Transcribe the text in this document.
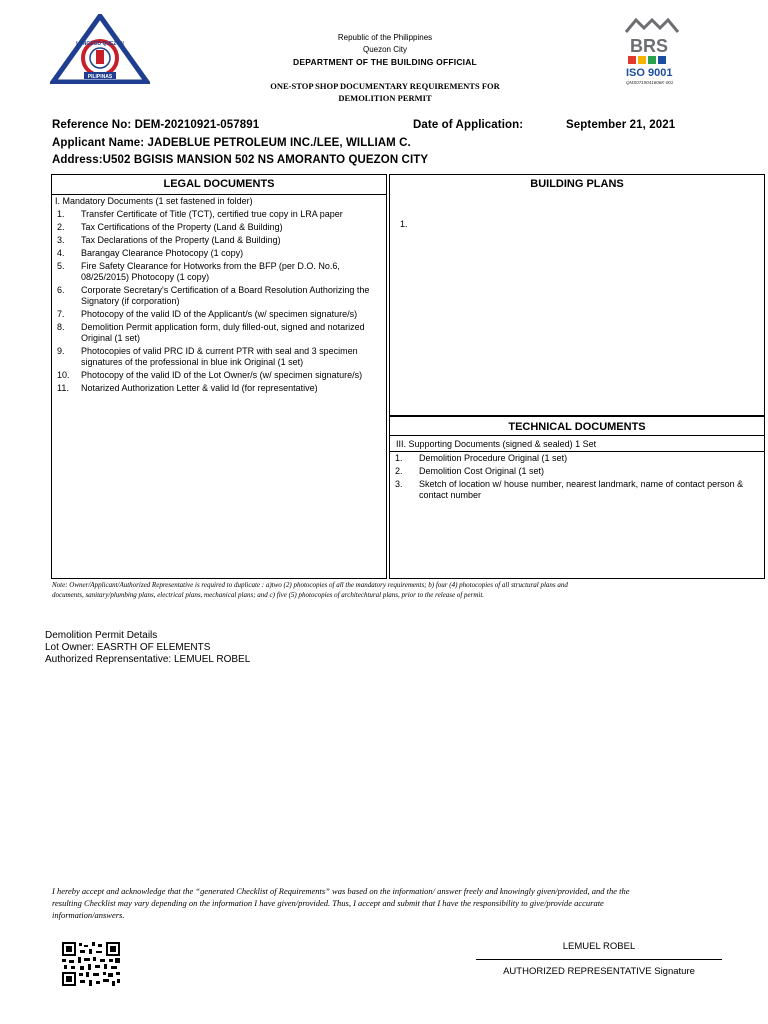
PILIPINAS
LUNGSOD QUEZON
Republic of the Philippines
Quezon City
DEPARTMENT OF THE BUILDING OFFICIAL
ONE-STOP SHOP DOCUMENTARY REQUIREMENTS FOR
DEMOLITION PERMIT
BRS
ISO 9001
QMS0719041606K-001
Reference No: DEM-20210921-057891	Date of Application:	September 21, 2021
Applicant Name: JADEBLUE PETROLEUM INC./LEE, WILLIAM C.
Address:U502 BGISIS MANSION 502 NS AMORANTO QUEZON CITY
LEGAL DOCUMENTS
I. Mandatory Documents (1 set fastened in folder)
1.	Transfer Certificate of Title (TCT), certified true copy in LRA paper
2.	Tax Certifications of the Property (Land & Building)
3.	Tax Declarations of the Property (Land & Building)
4.	Barangay Clearance Photocopy (1 copy)
5.	Fire Safety Clearance for Hotworks from the BFP (per D.O. No.6, 08/25/2015) Photocopy (1 copy)
6.	Corporate Secretary's Certification of a Board Resolution Authorizing the Signatory (if corporation)
7.	Photocopy of the valid ID of the Applicant/s (w/ specimen signature/s)
8.	Demolition Permit application form, duly filled-out, signed and notarized Original (1 set)
9.	Photocopies of valid PRC ID & current PTR with seal and 3 specimen signatures of the professional in blue ink Original (1 set)
10.	Photocopy of the valid ID of the Lot Owner/s (w/ specimen signature/s)
11.	Notarized Authorization Letter & valid Id (for representative)
BUILDING PLANS
1.
TECHNICAL DOCUMENTS
III. Supporting Documents (signed & sealed) 1 Set
1.	Demolition Procedure Original (1 set)
2.	Demolition Cost Original (1 set)
3.	Sketch of location w/ house number, nearest landmark, name of contact person & contact number
Note: Owner/Applicant/Authorized Representative is required to duplicate : a)two (2) photocopies of all the mandatory requirements; b) four (4) photocopies of all structural plans and documents, sanitary/plumbing plans, electrical plans, mechanical plans; and c) five (5) photocopies of architechtural plans, prior to the release of permit.
Demolition Permit Details
Lot Owner: EASRTH OF ELEMENTS
Authorized Reprensentative: LEMUEL ROBEL
I hereby accept and acknowledge that the “generated Checklist of Requirements” was based on the information/ answer freely and knowingly given/provided, and the the resulting Checklist may vary depending on the information I have given/provided. Thus, I accept and submit that I have the responsibility to give/provide accurate information/answers.
LEMUEL ROBEL
AUTHORIZED REPRESENTATIVE Signature
